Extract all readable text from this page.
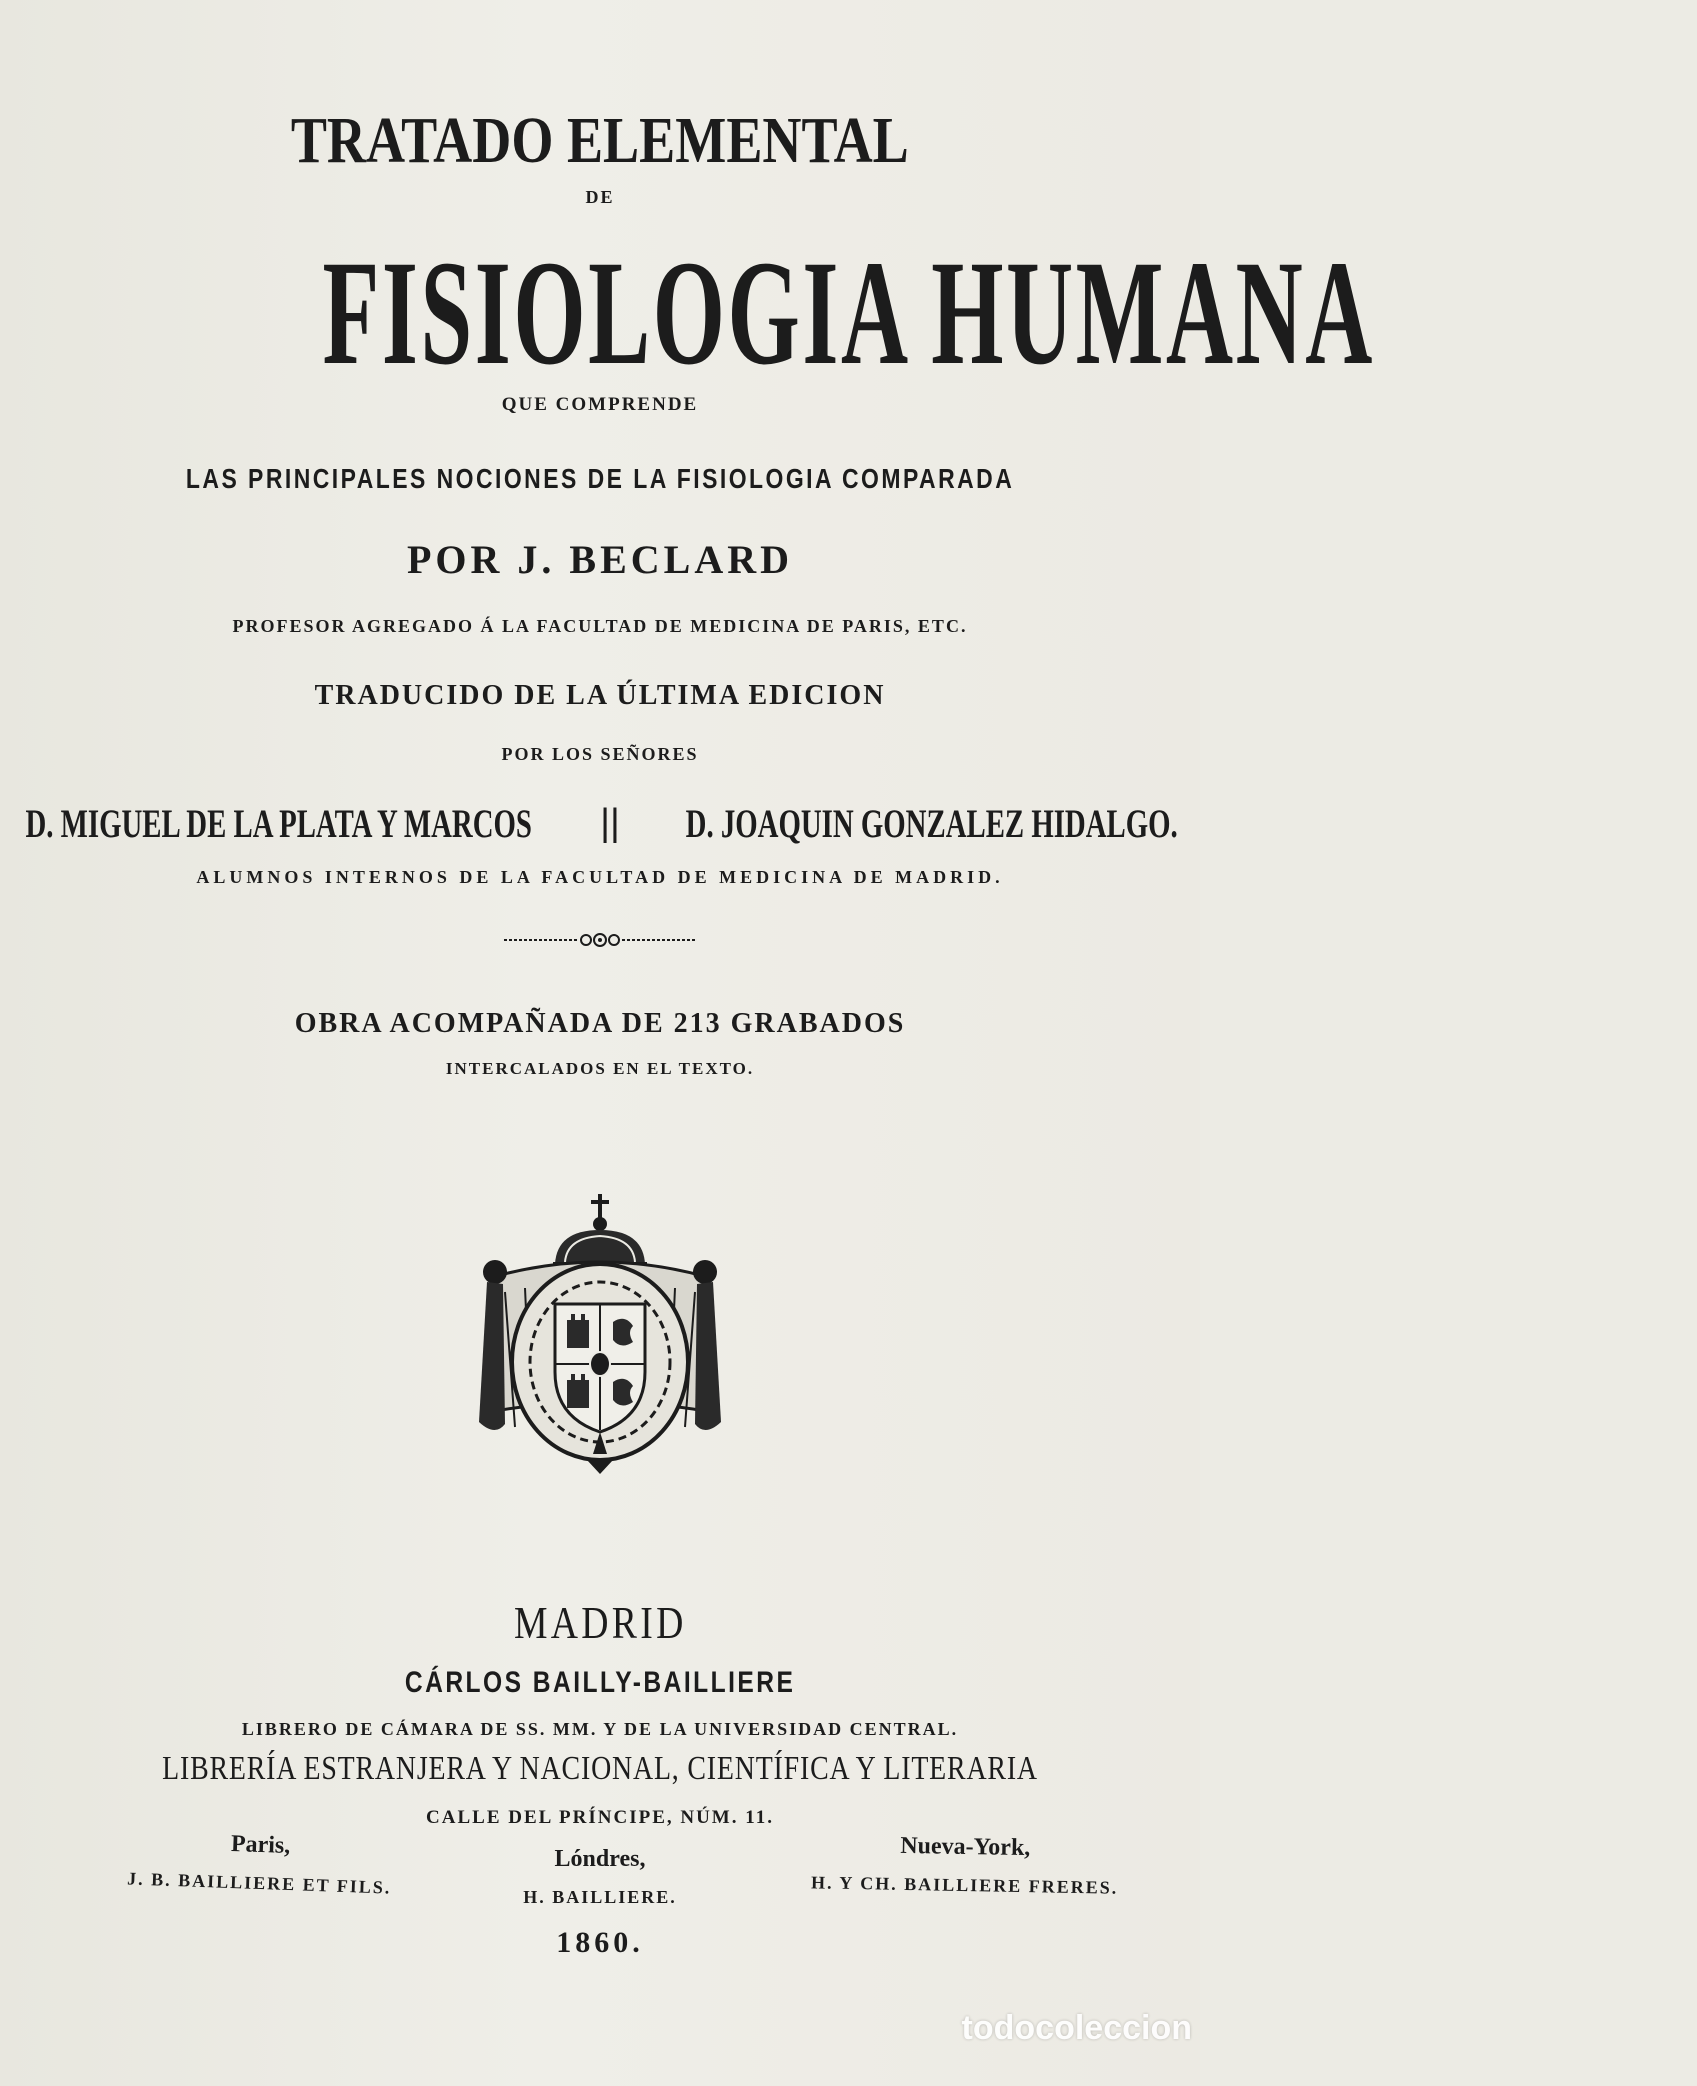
TRATADO ELEMENTAL

DE

FISIOLOGIA HUMANA

QUE COMPRENDE

LAS PRINCIPALES NOCIONES DE LA FISIOLOGIA COMPARADA

POR J. BECLARD

PROFESOR AGREGADO Á LA FACULTAD DE MEDICINA DE PARIS, ETC.

TRADUCIDO DE LA ÚLTIMA EDICION

POR LOS SEÑORES

D. MIGUEL DE LA PLATA Y MARCOS || D. JOAQUIN GONZALEZ HIDALGO.

ALUMNOS INTERNOS DE LA FACULTAD DE MEDICINA DE MADRID.

OBRA ACOMPAÑADA DE 213 GRABADOS

INTERCALADOS EN EL TEXTO.

MADRID

CÁRLOS BAILLY-BAILLIERE

LIBRERO DE CÁMARA DE SS. MM. Y DE LA UNIVERSIDAD CENTRAL.

LIBRERÍA ESTRANJERA Y NACIONAL, CIENTÍFICA Y LITERARIA

CALLE DEL PRÍNCIPE, NÚM. 11.

Paris,
J. B. BAILLIERE ET FILS.
Lóndres,
H. BAILLIERE.
Nueva-York,
H. Y CH. BAILLIERE FRERES.

1860.

todocoleccion
